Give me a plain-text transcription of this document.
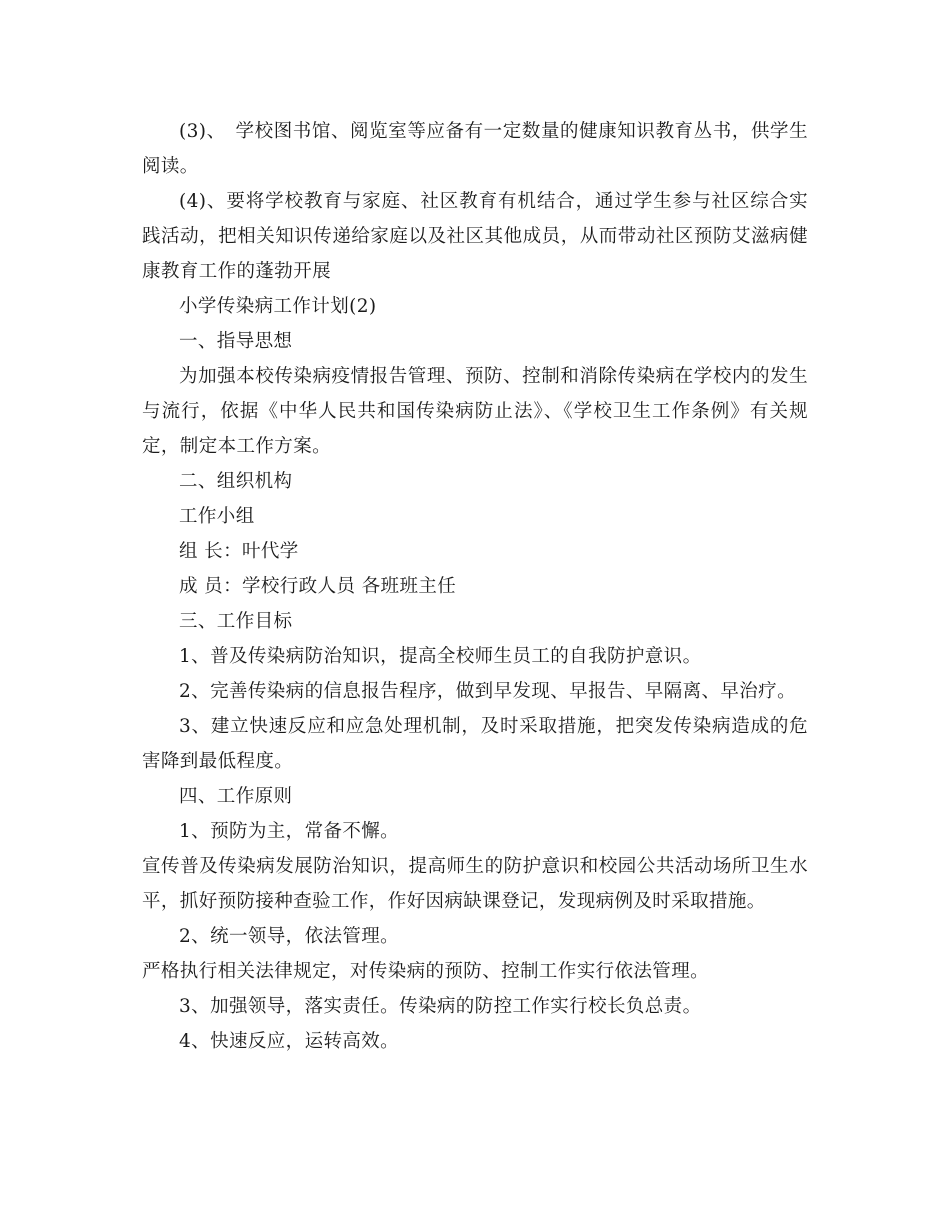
(3)、　学校图书馆、阅览室等应备有一定数量的健康知识教育丛书，供学生阅读。

(4)、要将学校教育与家庭、社区教育有机结合，通过学生参与社区综合实践活动，把相关知识传递给家庭以及社区其他成员，从而带动社区预防艾滋病健康教育工作的蓬勃开展

小学传染病工作计划(2)

一、指导思想

为加强本校传染病疫情报告管理、预防、控制和消除传染病在学校内的发生与流行，依据《中华人民共和国传染病防止法》、《学校卫生工作条例》有关规定，制定本工作方案。

二、组织机构

工作小组

组 长：叶代学

成 员：学校行政人员 各班班主任

三、工作目标

1、普及传染病防治知识，提高全校师生员工的自我防护意识。

2、完善传染病的信息报告程序，做到早发现、早报告、早隔离、早治疗。

3、建立快速反应和应急处理机制，及时采取措施，把突发传染病造成的危害降到最低程度。

四、工作原则

1、预防为主，常备不懈。

宣传普及传染病发展防治知识，提高师生的防护意识和校园公共活动场所卫生水平，抓好预防接种查验工作，作好因病缺课登记，发现病例及时采取措施。

2、统一领导，依法管理。

严格执行相关法律规定，对传染病的预防、控制工作实行依法管理。

3、加强领导，落实责任。传染病的防控工作实行校长负总责。

4、快速反应，运转高效。
